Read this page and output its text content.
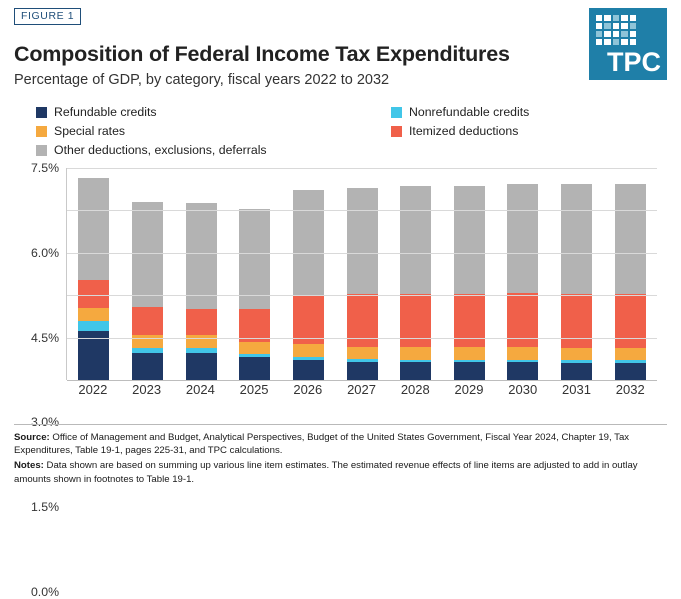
FIGURE 1
Composition of Federal Income Tax Expenditures
Percentage of GDP, by category, fiscal years 2022 to 2032
TPC
Refundable credits	Nonrefundable credits
Special rates	Itemized deductions
Other deductions, exclusions, deferrals
0.0%
1.5%
3.0%
4.5%
6.0%
7.5%
2022	2023	2024	2025	2026	2027	2028	2029	2030	2031	2032

Source: Office of Management and Budget, Analytical Perspectives, Budget of the United States Government, Fiscal Year 2024, Chapter 19, Tax Expenditures, Table 19-1, pages 225-31, and TPC calculations.

Notes: Data shown are based on summing up various line item estimates. The estimated revenue effects of line items are adjusted to add in outlay amounts shown in footnotes to Table 19-1.
